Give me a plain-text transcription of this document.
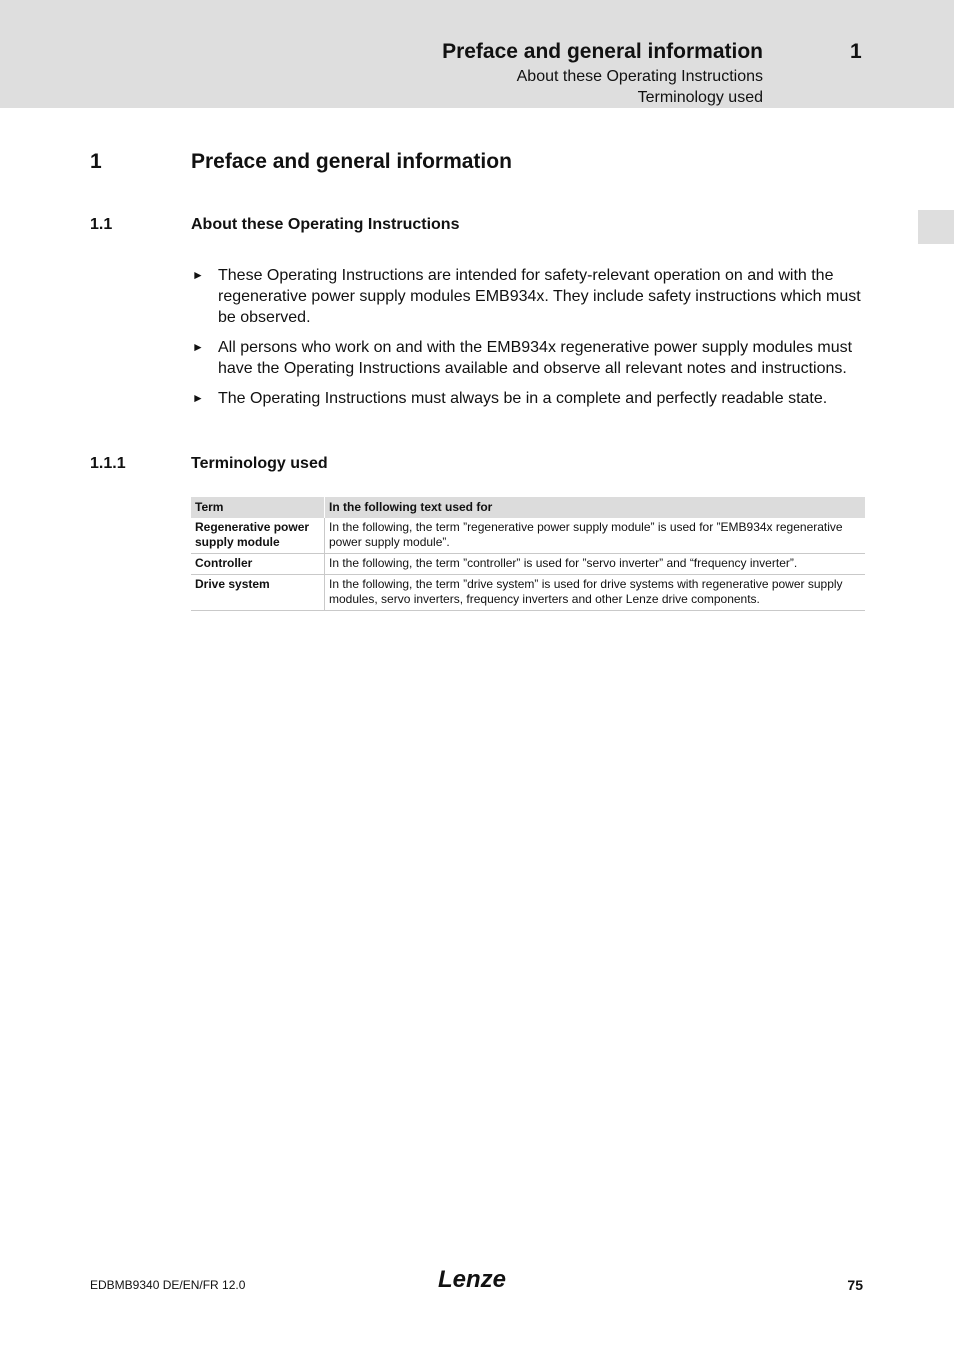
Preface and general information	1
About these Operating Instructions
Terminology used
1	Preface and general information
1.1	About these Operating Instructions
► These Operating Instructions are intended for safety-relevant operation on and with the regenerative power supply modules EMB934x. They include safety instructions which must be observed.
► All persons who work on and with the EMB934x regenerative power supply modules must have the Operating Instructions available and observe all relevant notes and instructions.
► The Operating Instructions must always be in a complete and perfectly readable state.
1.1.1	Terminology used
Term	In the following text used for
Regenerative power supply module	In the following, the term ”regenerative power supply module” is used for ”EMB934x regenerative power supply module”.
Controller	In the following, the term ”controller” is used for ”servo inverter” and “frequency inverter”.
Drive system	In the following, the term ”drive system” is used for drive systems with regenerative power supply modules, servo inverters, frequency inverters and other Lenze drive components.
EDBMB9340 DE/EN/FR 12.0	Lenze	75
